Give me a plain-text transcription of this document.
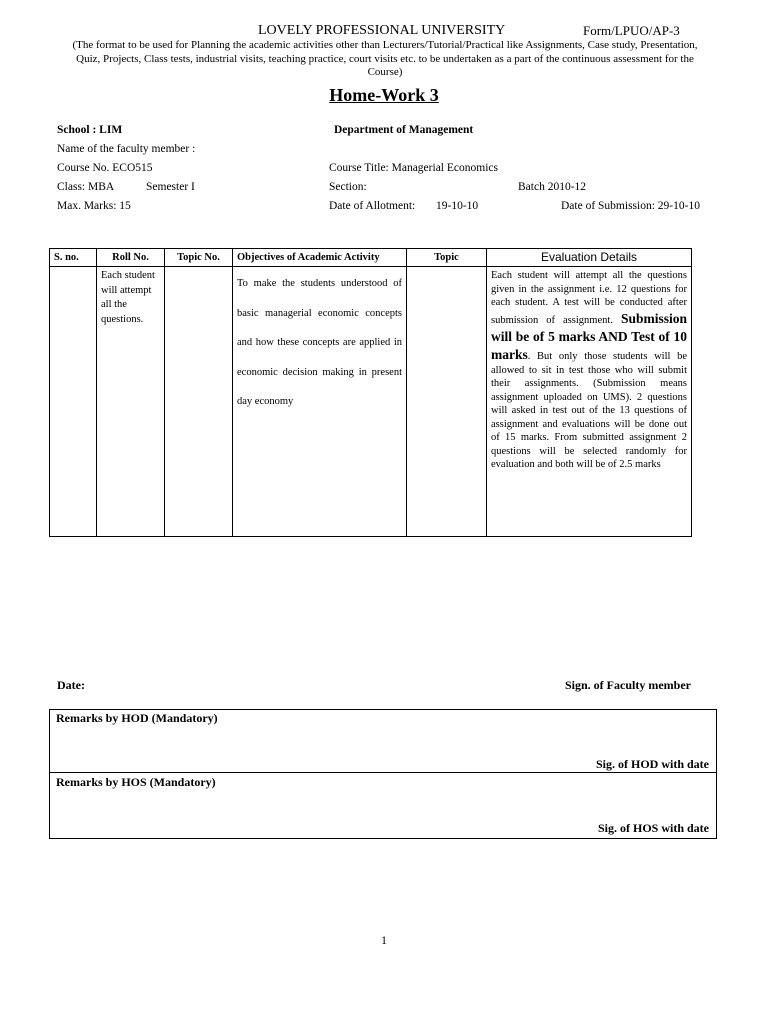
LOVELY PROFESSIONAL UNIVERSITY	Form/LPUO/AP-3
(The format to be used for Planning the academic activities other than Lecturers/Tutorial/Practical like Assignments, Case study, Presentation, Quiz, Projects, Class tests, industrial visits, teaching practice, court visits etc. to be undertaken as a part of the continuous assessment for the Course)
Home-Work 3
School : LIM	Department of Management
Name of the faculty member :
Course No. ECO515	Course Title: Managerial Economics
Class: MBA	Semester I	Section:	Batch 2010-12
Max. Marks: 15	Date of Allotment: 19-10-10	Date of Submission: 29-10-10
S. no.	Roll No.	Topic No.	Objectives of Academic Activity	Topic	Evaluation Details
	Each student will attempt all the questions.		To make the students understood of basic managerial economic concepts and how these concepts are applied in economic decision making in present day economy		Each student will attempt all the questions given in the assignment i.e. 12 questions for each student. A test will be conducted after submission of assignment. Submission will be of 5 marks AND Test of 10 marks. But only those students will be allowed to sit in test those who will submit their assignments. (Submission means assignment uploaded on UMS). 2 questions will asked in test out of the 13 questions of assignment and evaluations will be done out of 15 marks. From submitted assignment 2 questions will be selected randomly for evaluation and both will be of 2.5 marks
Date:	Sign. of Faculty member
Remarks by HOD (Mandatory)
Sig. of HOD with date
Remarks by HOS (Mandatory)
Sig. of HOS with date
1
